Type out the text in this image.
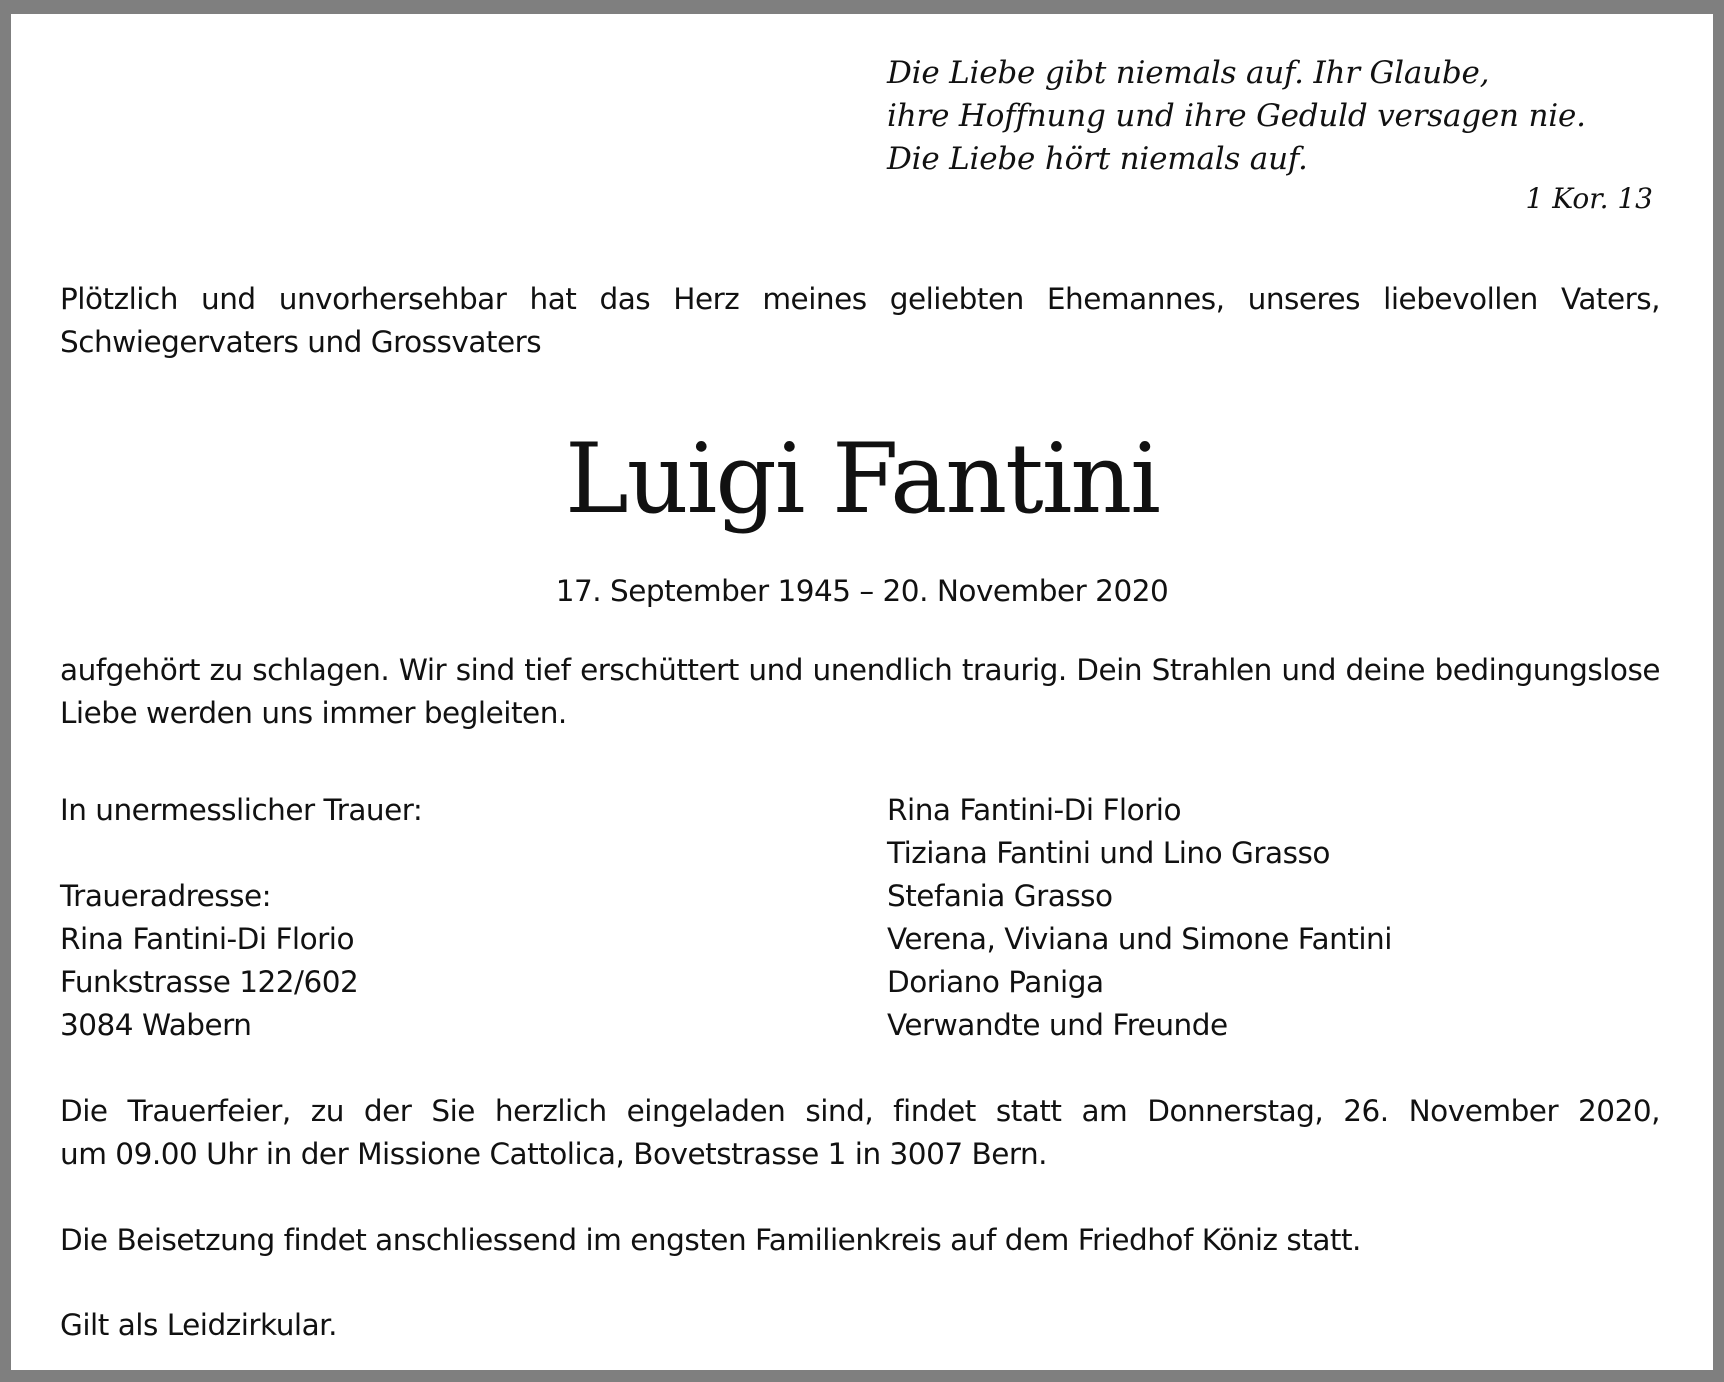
Die Liebe gibt niemals auf. Ihr Glaube,
ihre Hoffnung und ihre Geduld versagen nie.
Die Liebe hört niemals auf.
1 Kor. 13
Plötzlich und unvorhersehbar hat das Herz meines geliebten Ehemannes, unseres liebevollen Vaters,
Schwiegervaters und Grossvaters
Luigi Fantini
17. September 1945 – 20. November 2020
aufgehört zu schlagen. Wir sind tief erschüttert und unendlich traurig. Dein Strahlen und deine bedingungslose
Liebe werden uns immer begleiten.
In unermesslicher Trauer:
Traueradresse:
Rina Fantini-Di Florio
Funkstrasse 122/602
3084 Wabern
Rina Fantini-Di Florio
Tiziana Fantini und Lino Grasso
Stefania Grasso
Verena, Viviana und Simone Fantini
Doriano Paniga
Verwandte und Freunde
Die Trauerfeier, zu der Sie herzlich eingeladen sind, findet statt am Donnerstag, 26. November 2020,
um 09.00 Uhr in der Missione Cattolica, Bovetstrasse 1 in 3007 Bern.
Die Beisetzung findet anschliessend im engsten Familienkreis auf dem Friedhof Köniz statt.
Gilt als Leidzirkular.
